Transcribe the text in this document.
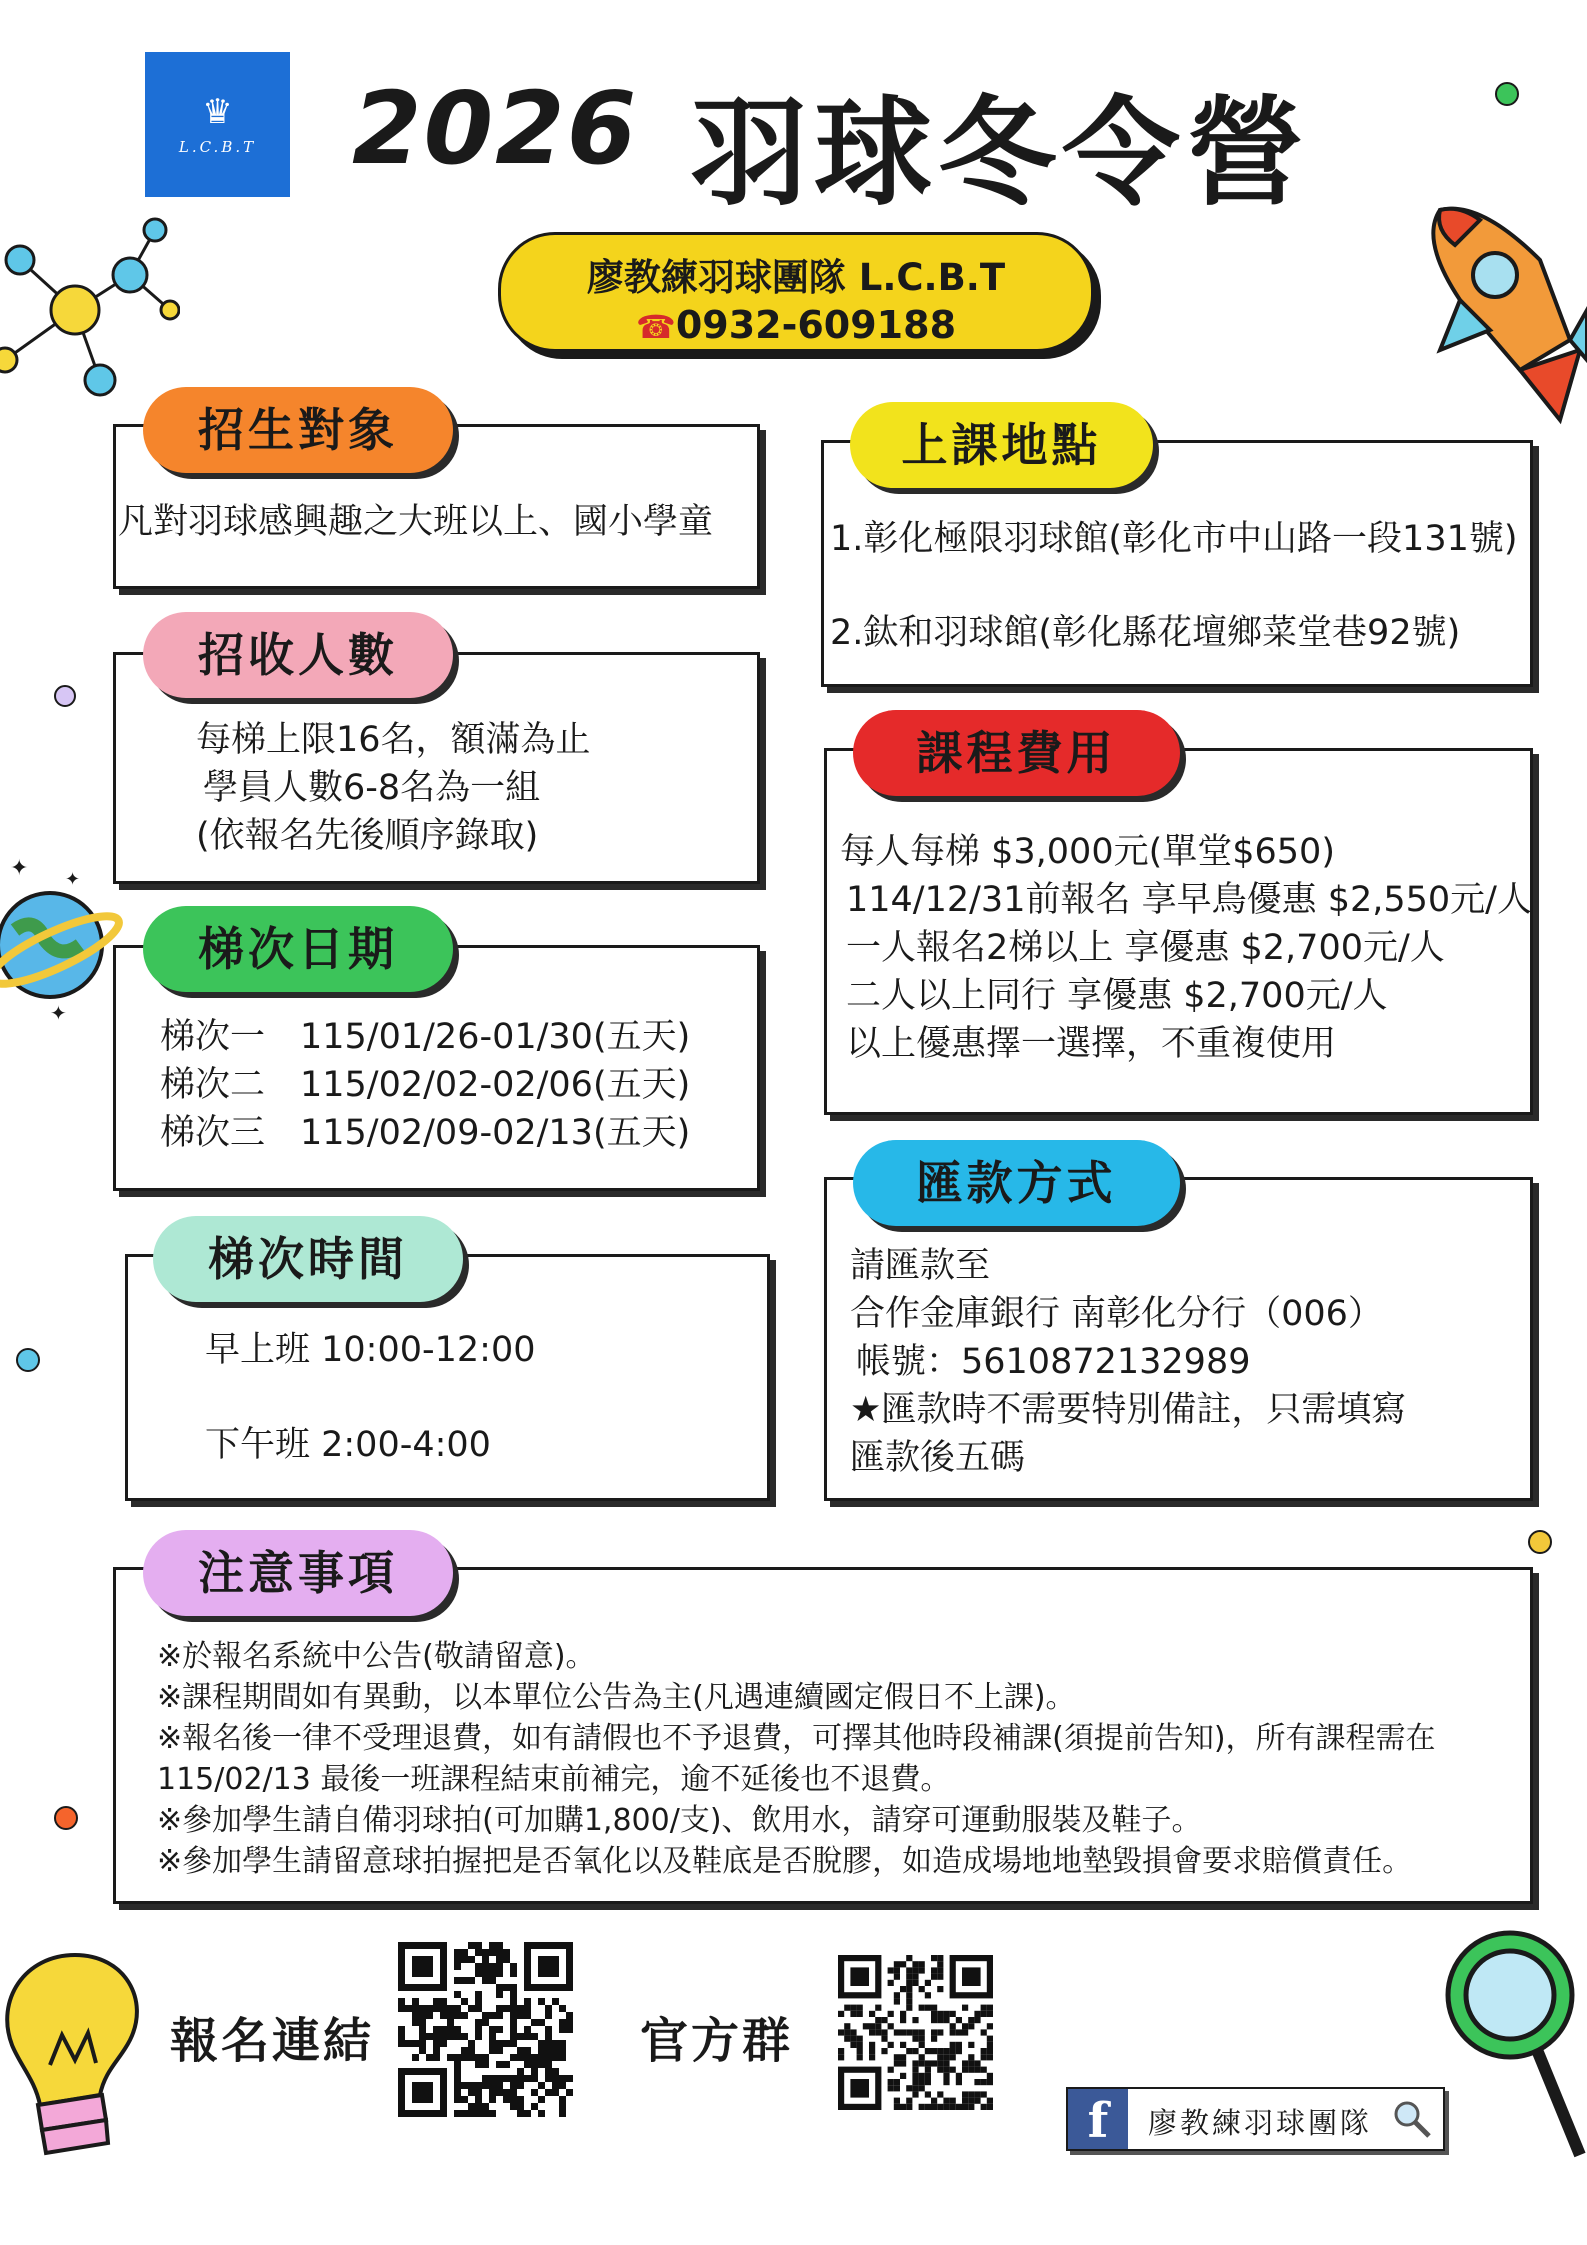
✦ ✦
✦
♛
L.C.B.T 2026 羽球冬令營
廖教練羽球團隊 L.C.B.T
☎0932-609188
招生對象
凡對羽球感興趣之大班以上、國小學童
招收人數
每梯上限16名，額滿為止
學員人數6-8名為一組
(依報名先後順序錄取)
梯次日期
梯次一　115/01/26-01/30(五天)
梯次二　115/02/02-02/06(五天)
梯次三　115/02/09-02/13(五天)
梯次時間
早上班 10:00-12:00
下午班 2:00-4:00
上課地點
1.彰化極限羽球館(彰化市中山路一段131號)
2.鈦和羽球館(彰化縣花壇鄉菜堂巷92號)
課程費用
每人每梯 $3,000元(單堂$650)
114/12/31前報名 享早鳥優惠 $2,550元/人
一人報名2梯以上 享優惠 $2,700元/人
二人以上同行 享優惠 $2,700元/人
以上優惠擇一選擇，不重複使用
匯款方式
請匯款至
合作金庫銀行 南彰化分行（006）
帳號：5610872132989
★匯款時不需要特別備註，只需填寫
匯款後五碼
注意事項
※於報名系統中公告(敬請留意)。
※課程期間如有異動，以本單位公告為主(凡遇連續國定假日不上課)。
※報名後一律不受理退費，如有請假也不予退費，可擇其他時段補課(須提前告知)，所有課程需在115/02/13 最後一班課程結束前補完，逾不延後也不退費。
※參加學生請自備羽球拍(可加購1,800/支)、飲用水，請穿可運動服裝及鞋子。
※參加學生請留意球拍握把是否氧化以及鞋底是否脫膠，如造成場地地墊毀損會要求賠償責任。
報名連結	官方群
f	廖教練羽球團隊
